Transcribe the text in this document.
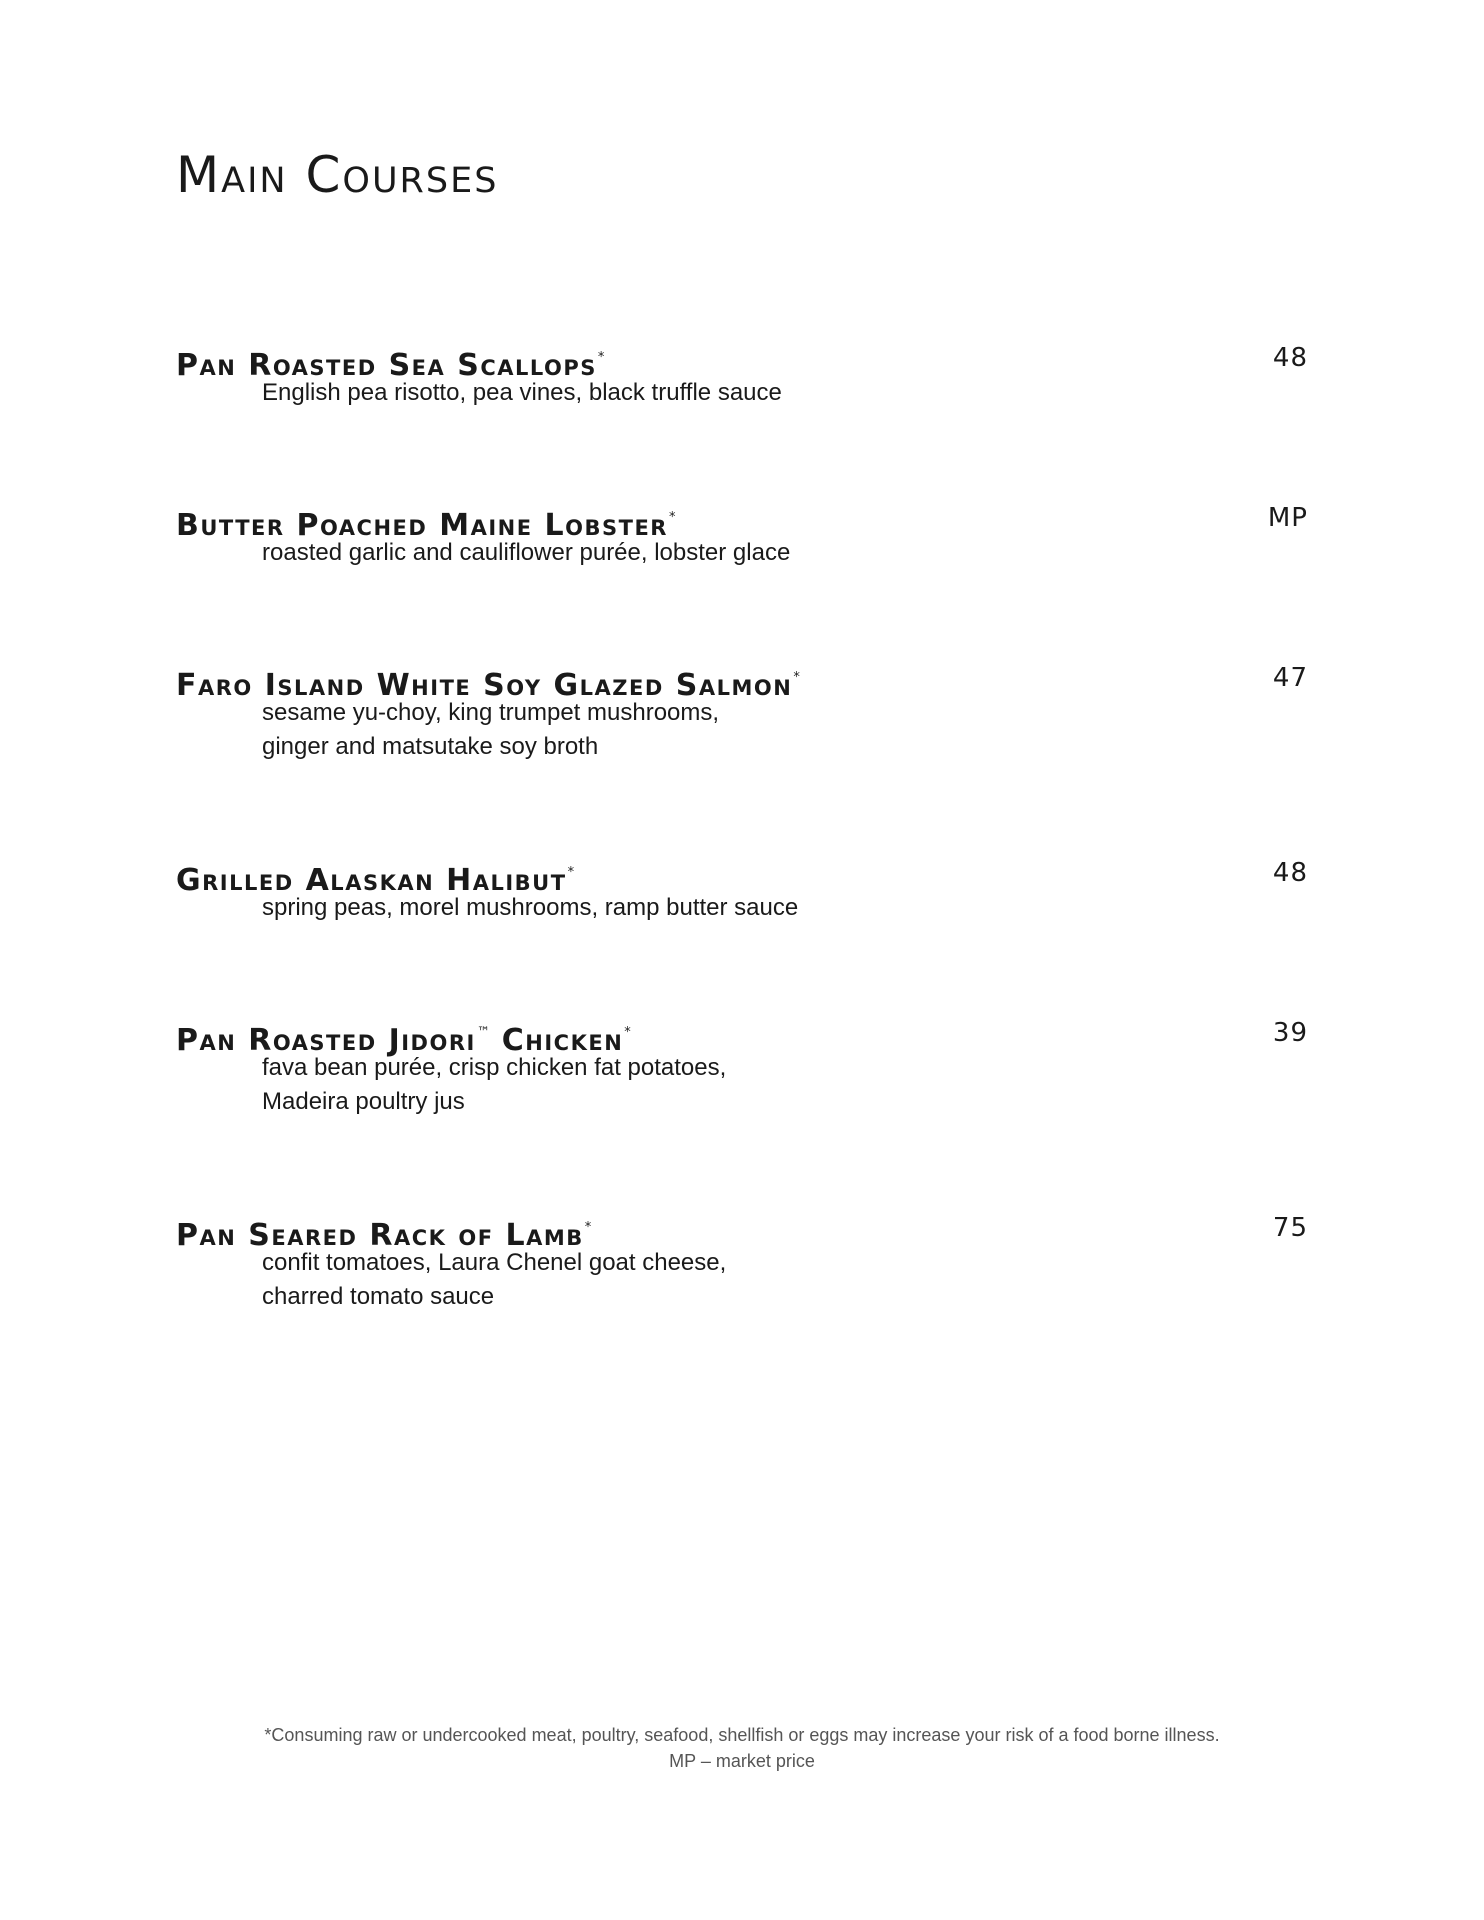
Main Courses
Pan Roasted Sea Scallops*	48
English pea risotto, pea vines, black truffle sauce
Butter Poached Maine Lobster*	MP
roasted garlic and cauliflower purée, lobster glace
Faro Island White Soy Glazed Salmon*	47
sesame yu-choy, king trumpet mushrooms,
ginger and matsutake soy broth
Grilled Alaskan Halibut*	48
spring peas, morel mushrooms, ramp butter sauce
Pan Roasted Jidori™ Chicken*	39
fava bean purée, crisp chicken fat potatoes,
Madeira poultry jus
Pan Seared Rack of Lamb*	75
confit tomatoes, Laura Chenel goat cheese,
charred tomato sauce
*Consuming raw or undercooked meat, poultry, seafood, shellfish or eggs may increase your risk of a food borne illness.
MP – market price
